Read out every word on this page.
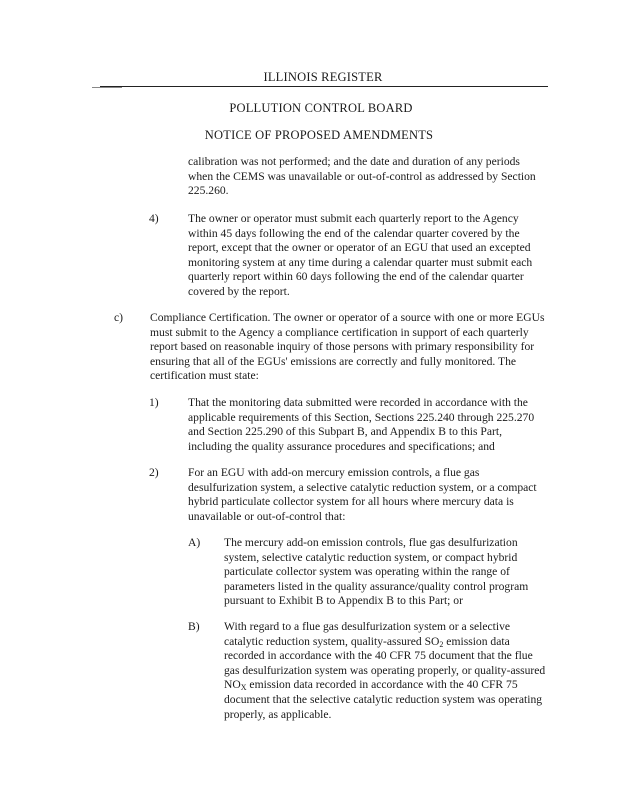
ILLINOIS REGISTER
POLLUTION CONTROL BOARD
NOTICE OF PROPOSED AMENDMENTS

calibration was not performed; and the date and duration of any periods when the CEMS was unavailable or out-of-control as addressed by Section 225.260.

4)	The owner or operator must submit each quarterly report to the Agency within 45 days following the end of the calendar quarter covered by the report, except that the owner or operator of an EGU that used an excepted monitoring system at any time during a calendar quarter must submit each quarterly report within 60 days following the end of the calendar quarter covered by the report.

c) Compliance Certification. The owner or operator of a source with one or more EGUs must submit to the Agency a compliance certification in support of each quarterly report based on reasonable inquiry of those persons with primary responsibility for ensuring that all of the EGUs' emissions are correctly and fully monitored. The certification must state:

1)	That the monitoring data submitted were recorded in accordance with the applicable requirements of this Section, Sections 225.240 through 225.270 and Section 225.290 of this Subpart B, and Appendix B to this Part, including the quality assurance procedures and specifications; and

2)	For an EGU with add-on mercury emission controls, a flue gas desulfurization system, a selective catalytic reduction system, or a compact hybrid particulate collector system for all hours where mercury data is unavailable or out-of-control that:

A) The mercury add-on emission controls, flue gas desulfurization system, selective catalytic reduction system, or compact hybrid particulate collector system was operating within the range of parameters listed in the quality assurance/quality control program pursuant to Exhibit B to Appendix B to this Part; or

B) With regard to a flue gas desulfurization system or a selective catalytic reduction system, quality-assured $SO_2$ emission data recorded in accordance with the 40 CFR 75 document that the flue gas desulfurization system was operating properly, or quality-assured $NO_X$ emission data recorded in accordance with the 40 CFR 75 document that the selective catalytic reduction system was operating properly, as applicable.
